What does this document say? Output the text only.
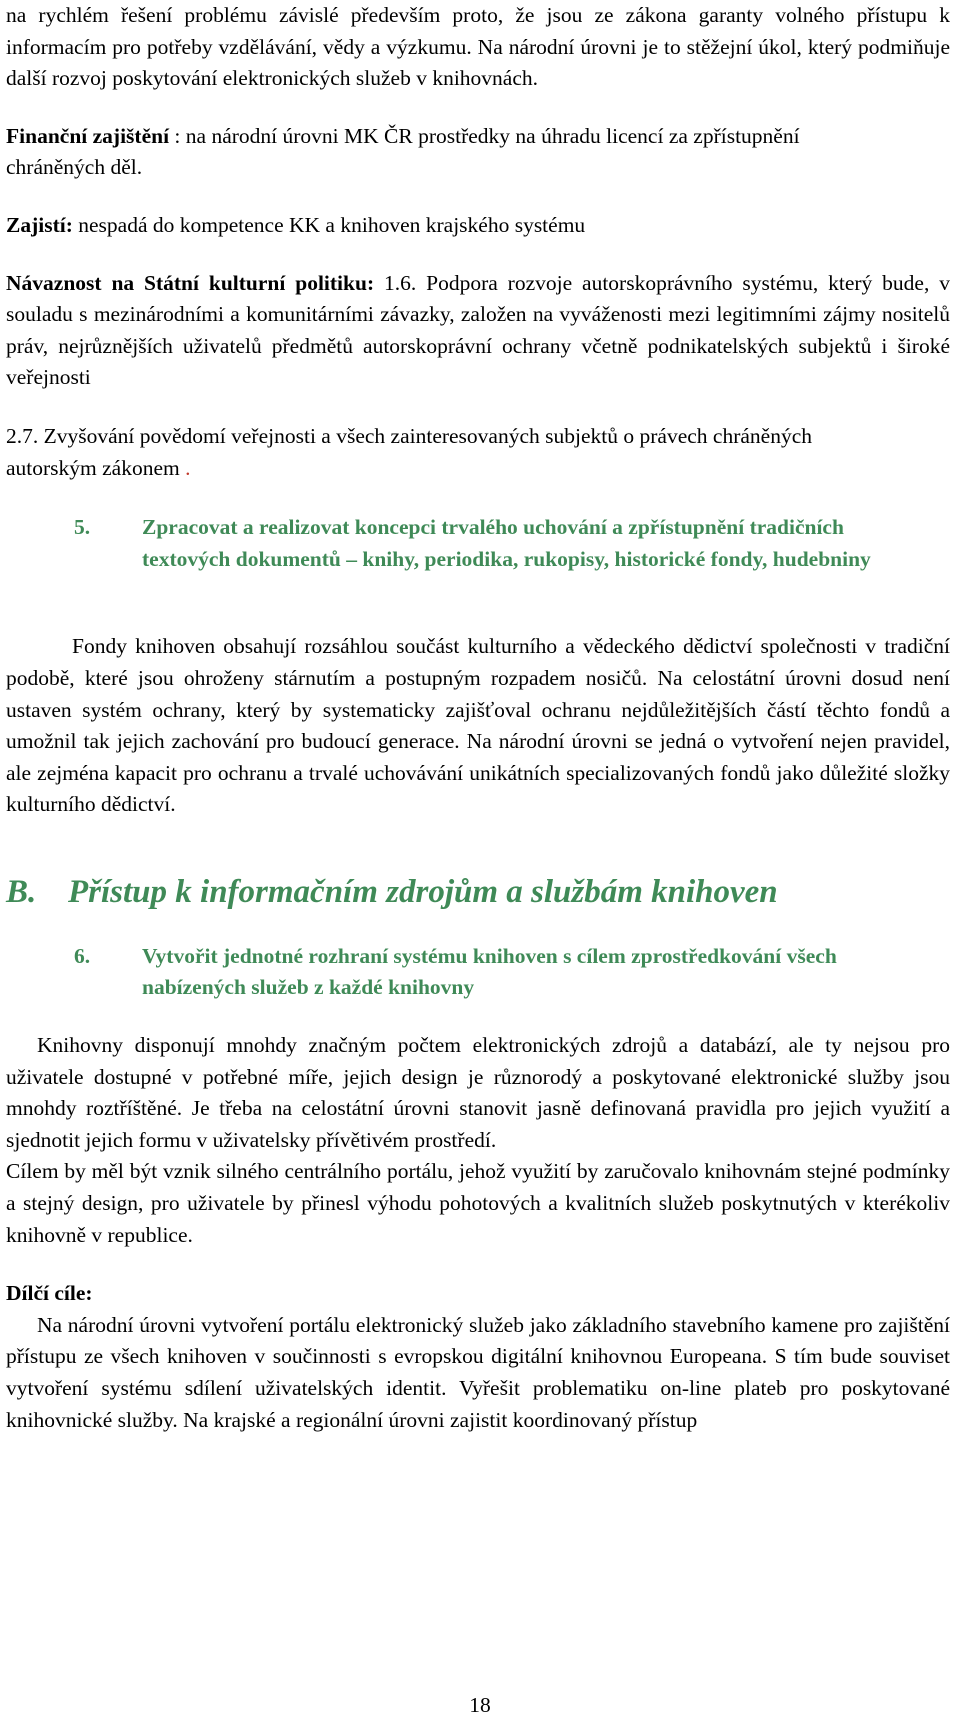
na rychlém řešení problému závislé především proto, že jsou ze zákona garanty volného přístupu k informacím pro potřeby vzdělávání, vědy a výzkumu. Na národní úrovni je to stěžejní úkol, který podmiňuje další rozvoj poskytování elektronických služeb v knihovnách.

Finanční zajištění : na národní úrovni MK ČR prostředky na úhradu licencí za zpřístupnění chráněných děl.

Zajistí: nespadá do kompetence KK a knihoven krajského systému

Návaznost na Státní kulturní politiku: 1.6. Podpora rozvoje autorskoprávního systému, který bude, v souladu s mezinárodními a komunitárními závazky, založen na vyváženosti mezi legitimními zájmy nositelů práv, nejrůznějších uživatelů předmětů autorskoprávní ochrany včetně podnikatelských subjektů i široké veřejnosti

2.7. Zvyšování povědomí veřejnosti a všech zainteresovaných subjektů o právech chráněných autorským zákonem .

5.	Zpracovat a realizovat koncepci trvalého uchování a zpřístupnění tradičních textových dokumentů – knihy, periodika, rukopisy, historické fondy, hudebniny

Fondy knihoven obsahují rozsáhlou součást kulturního a vědeckého dědictví společnosti v tradiční podobě, které jsou ohroženy stárnutím a postupným rozpadem nosičů. Na celostátní úrovni dosud není ustaven systém ochrany, který by systematicky zajišťoval ochranu nejdůležitějších částí těchto fondů a umožnil tak jejich zachování pro budoucí generace. Na národní úrovni se jedná o vytvoření nejen pravidel, ale zejména kapacit pro ochranu a trvalé uchovávání unikátních specializovaných fondů jako důležité složky kulturního dědictví.

B. Přístup k informačním zdrojům a službám knihoven
6.	Vytvořit jednotné rozhraní systému knihoven s cílem zprostředkování všech nabízených služeb z každé knihovny

Knihovny disponují mnohdy značným počtem elektronických zdrojů a databází, ale ty nejsou pro uživatele dostupné v potřebné míře, jejich design je různorodý a poskytované elektronické služby jsou mnohdy roztříštěné. Je třeba na celostátní úrovni stanovit jasně definovaná pravidla pro jejich využití a sjednotit jejich formu v uživatelsky přívětivém prostředí.

Cílem by měl být vznik silného centrálního portálu, jehož využití by zaručovalo knihovnám stejné podmínky a stejný design, pro uživatele by přinesl výhodu pohotových a kvalitních služeb poskytnutých v kterékoliv knihovně v republice.

Dílčí cíle:

Na národní úrovni vytvoření portálu elektronický služeb jako základního stavebního kamene pro zajištění přístupu ze všech knihoven v součinnosti s evropskou digitální knihovnou Europeana. S tím bude souviset vytvoření systému sdílení uživatelských identit. Vyřešit problematiku on-line plateb pro poskytované knihovnické služby. Na krajské a regionální úrovni zajistit koordinovaný přístup

18
